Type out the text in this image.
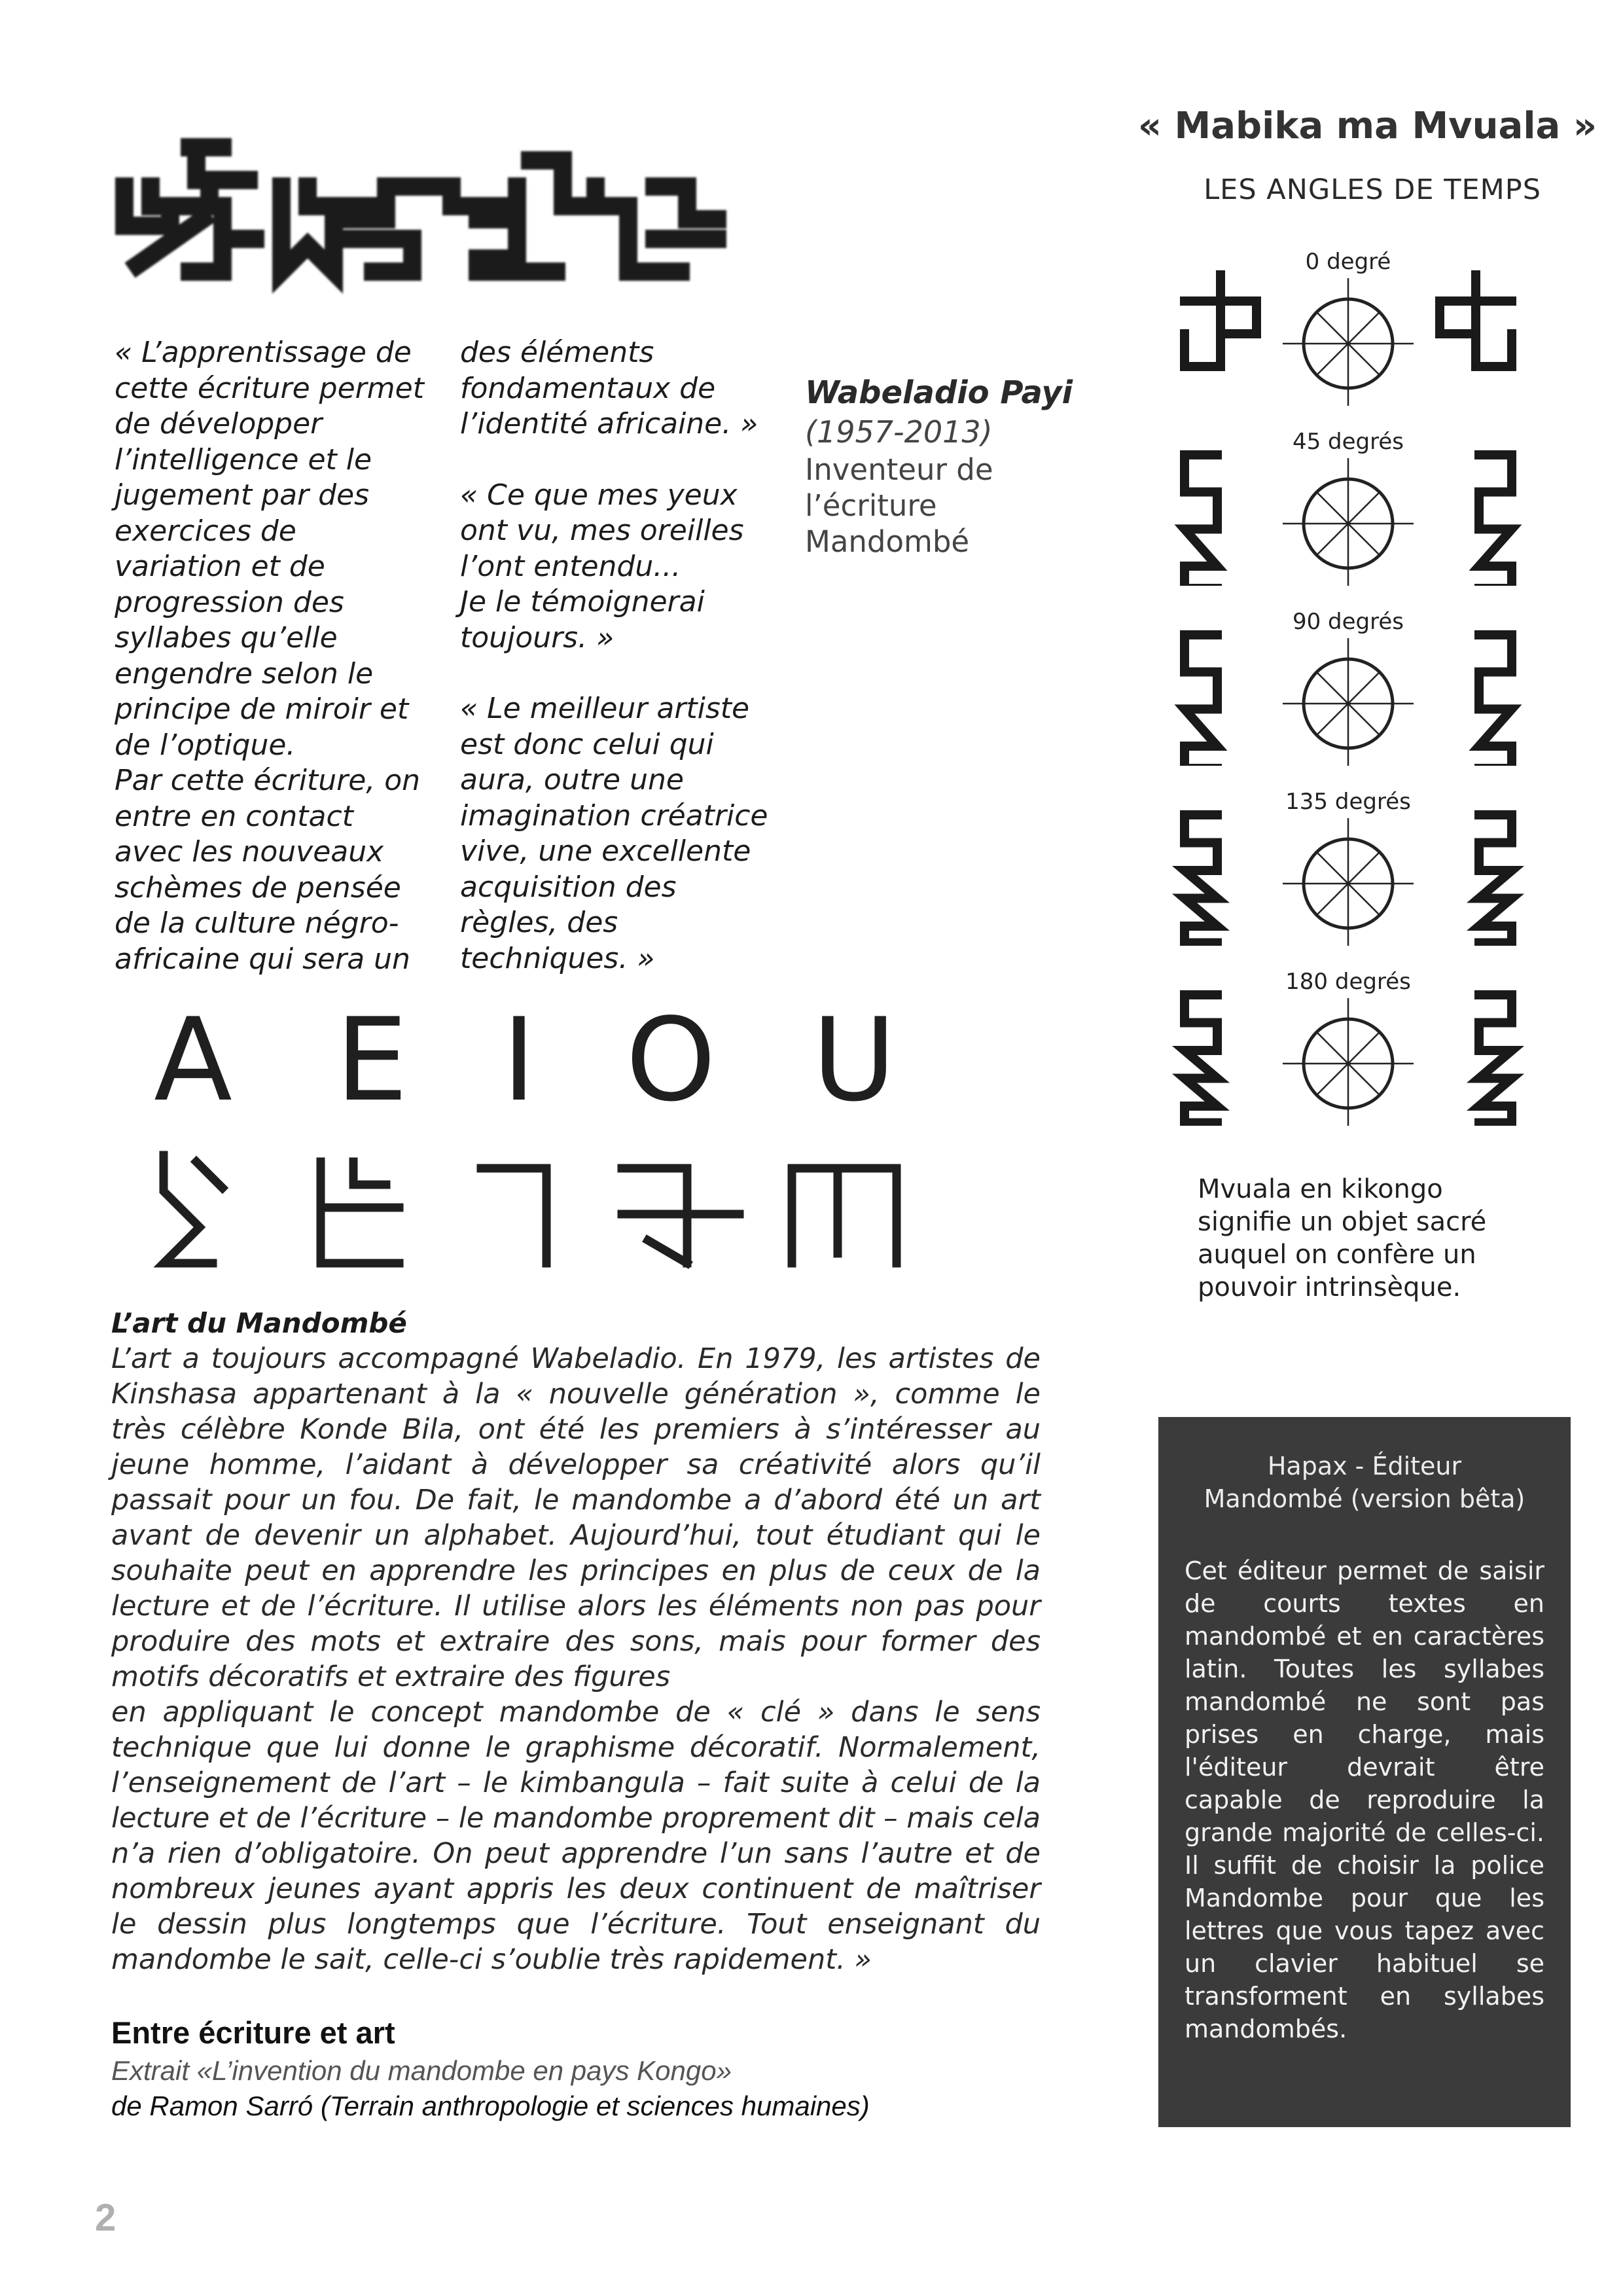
« L’apprentissage de
cette écriture permet
de développer
l’intelligence et le
jugement par des
exercices de
variation et de
progression des
syllabes qu’elle
engendre selon le
principe de miroir et
de l’optique.
Par cette écriture, on
entre en contact
avec les nouveaux
schèmes de pensée
de la culture négro-
africaine qui sera un

des éléments
fondamentaux de
l’identité africaine. »

« Ce que mes yeux
ont vu, mes oreilles
l’ont entendu...
Je le témoignerai
toujours. »

« Le meilleur artiste
est donc celui qui
aura, outre une
imagination créatrice
vive, une excellente
acquisition des
règles, des
techniques. »

Wabeladio Payi
(1957-2013)
Inventeur de
l’écriture
Mandombé
A E I O U
L’art du Mandombé

L’art a toujours accompagné Wabeladio. En 1979, les artistes de Kinshasa appartenant à la « nouvelle génération », comme le très célèbre Konde Bila, ont été les premiers à s’intéresser au jeune homme, l’aidant à développer sa créativité alors qu’il passait pour un fou. De fait, le mandombe a d’abord été un art avant de devenir un alphabet. Aujourd’hui, tout étudiant qui le souhaite peut en apprendre les principes en plus de ceux de la lecture et de l’écriture. Il utilise alors les éléments non pas pour produire des mots et extraire des sons, mais pour former des motifs décoratifs et extraire des figures

en appliquant le concept mandombe de « clé » dans le sens technique que lui donne le graphisme décoratif. Normalement, l’enseignement de l’art – le kimbangula – fait suite à celui de la lecture et de l’écriture – le mandombe proprement dit – mais cela n’a rien d’obligatoire. On peut apprendre l’un sans l’autre et de nombreux jeunes ayant appris les deux continuent de maîtriser le dessin plus longtemps que l’écriture. Tout enseignant du mandombe le sait, celle-ci s’oublie très rapidement. »

Entre écriture et art
Extrait «L’invention du mandombe en pays Kongo»
de Ramon Sarró (Terrain anthropologie et sciences humaines)
2
« Mabika ma Mvuala »
LES ANGLES DE TEMPS
0 degré
45 degrés
90 degrés
135 degrés
180 degrés
Mvuala en kikongo
signifie un objet sacré
auquel on confère un
pouvoir intrinsèque.
Hapax - Éditeur
Mandombé (version bêta)
Cet éditeur permet de saisir de courts textes en mandombé et en caractères latin. Toutes les syllabes mandombé ne sont pas prises en charge, mais l'éditeur devrait être capable de reproduire la grande majorité de celles-ci. Il suffit de choisir la police Mandombe pour que les lettres que vous tapez avec un clavier habituel se transforment en syllabes mandombés.
